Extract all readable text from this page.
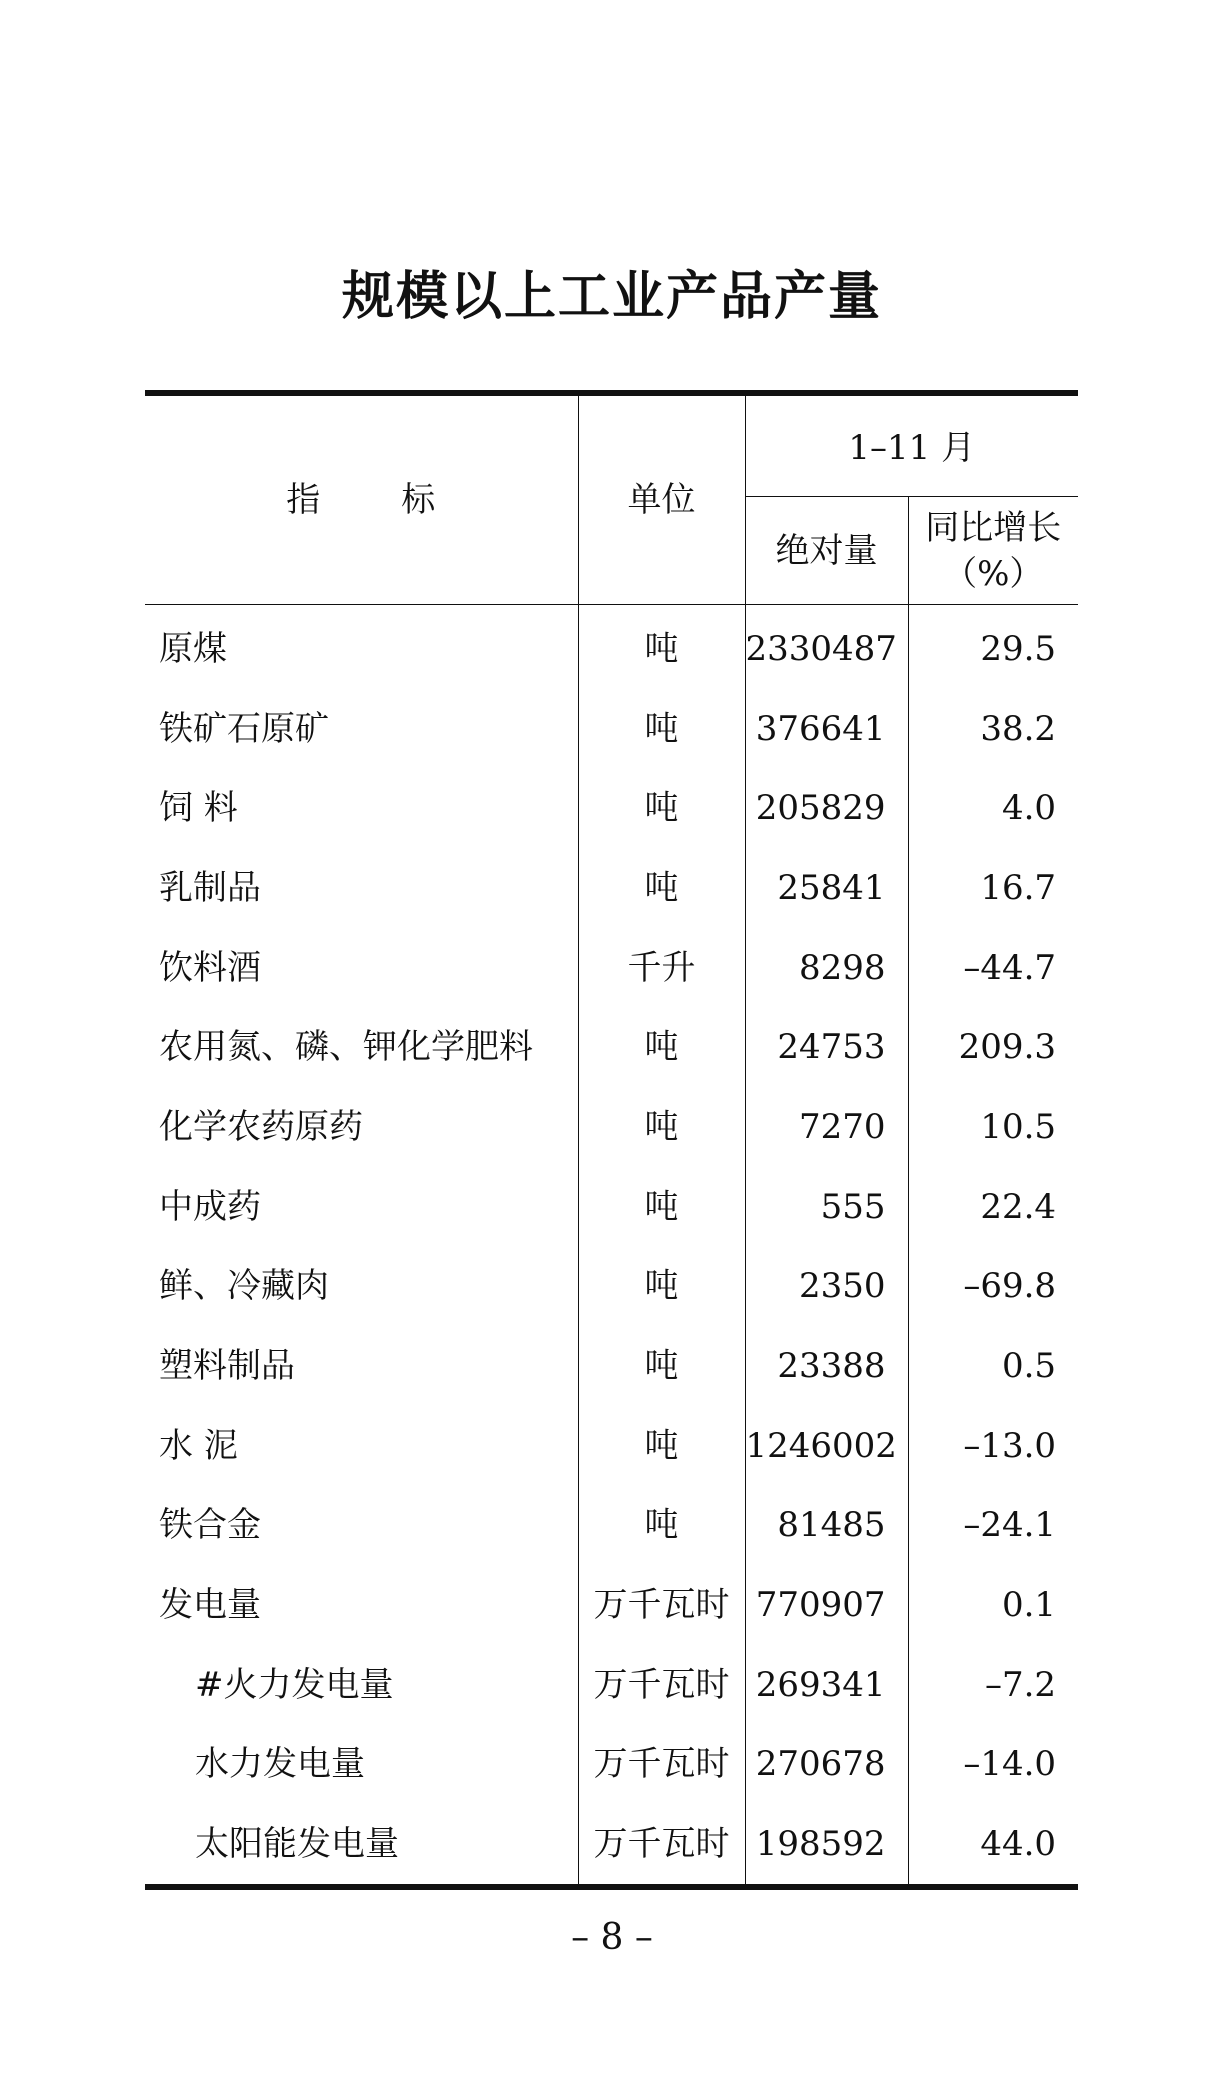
规模以上工业产品产量
指 标	单位	1–11 月	
		绝对量	同比增长
（%）
原煤	吨	2330487	29.5
铁矿石原矿	吨	376641	38.2
饲 料	吨	205829	4.0
乳制品	吨	25841	16.7
饮料酒	千升	8298	–44.7
农用氮、磷、钾化学肥料	吨	24753	209.3
化学农药原药	吨	7270	10.5
中成药	吨	555	22.4
鲜、冷藏肉	吨	2350	–69.8
塑料制品	吨	23388	0.5
水 泥	吨	1246002	–13.0
铁合金	吨	81485	–24.1
发电量	万千瓦时	770907	0.1
#火力发电量	万千瓦时	269341	–7.2
水力发电量	万千瓦时	270678	–14.0
太阳能发电量	万千瓦时	198592	44.0
– 8 –
